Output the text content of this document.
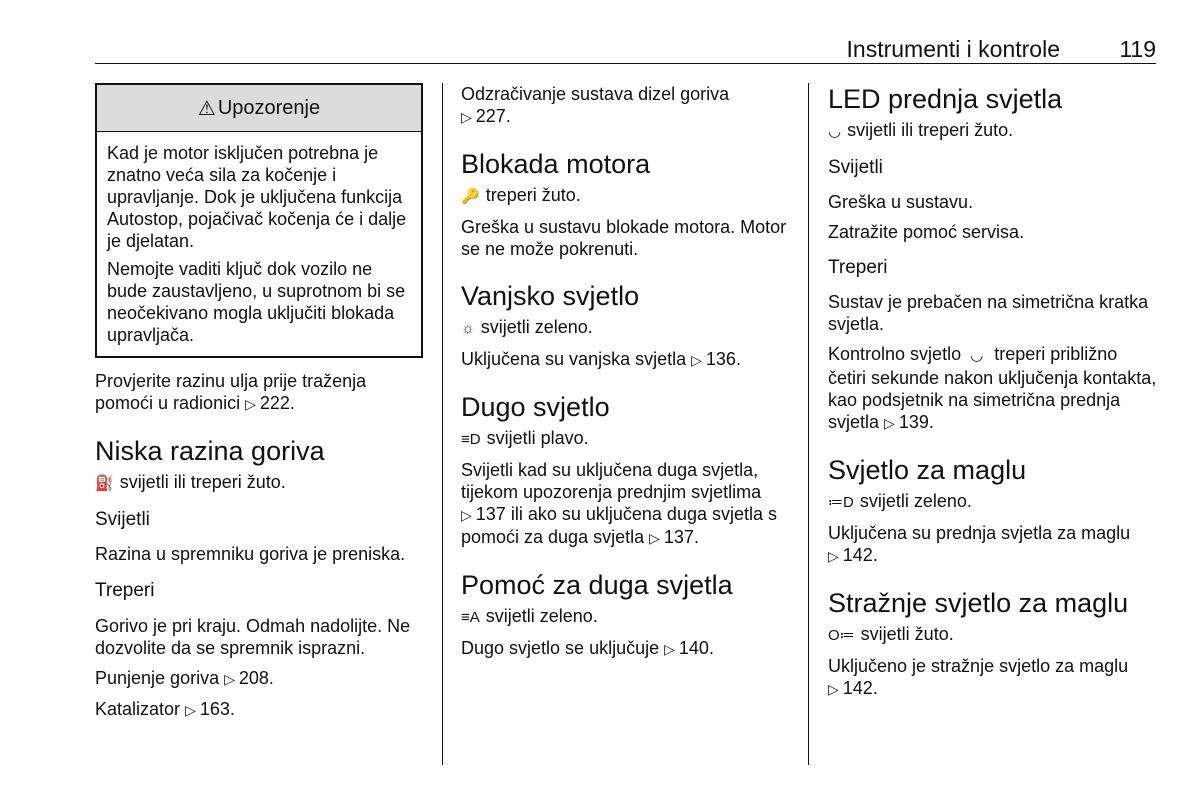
Instrumenti i kontrole	119
⚠ Upozorenje

Kad je motor isključen potrebna je znatno veća sila za kočenje i upravljanje. Dok je uključena funkcija Autostop, pojačivač kočenja će i dalje je djelatan.

Nemojte vaditi ključ dok vozilo ne bude zaustavljeno, u suprotnom bi se neočekivano mogla uključiti blokada upravljača.

Provjerite razinu ulja prije traženja pomoći u radionici ▷ 222.

Niska razina goriva

⛽ svijetli ili treperi žuto.

Svijetli

Razina u spremniku goriva je preniska.

Treperi

Gorivo je pri kraju. Odmah nadolijte. Ne dozvolite da se spremnik isprazni.

Punjenje goriva ▷ 208.

Katalizator ▷ 163.

Odzračivanje sustava dizel goriva

▷ 227.

Blokada motora

🔑 treperi žuto.

Greška u sustavu blokade motora. Motor se ne može pokrenuti.

Vanjsko svjetlo

☼ svijetli zeleno.

Uključena su vanjska svjetla ▷ 136.

Dugo svjetlo

≡D svijetli plavo.

Svijetli kad su uključena duga svjetla, tijekom upozorenja prednjim svjetlima ▷ 137 ili ako su uključena duga svjetla s pomoći za duga svjetla ▷ 137.

Pomoć za duga svjetla

≡A svijetli zeleno.

Dugo svjetlo se uključuje ▷ 140.

LED prednja svjetla

◡ svijetli ili treperi žuto.

Svijetli

Greška u sustavu.

Zatražite pomoć servisa.

Treperi

Sustav je prebačen na simetrična kratka svjetla.

Kontrolno svjetlo ◡ treperi približno četiri sekunde nakon uključenja kontakta, kao podsjetnik na simetrična prednja svjetla ▷ 139.

Svjetlo za maglu

≔D svijetli zeleno.

Uključena su prednja svjetla za maglu ▷ 142.

Stražnje svjetlo za maglu

O≔ svijetli žuto.

Uključeno je stražnje svjetlo za maglu ▷ 142.
